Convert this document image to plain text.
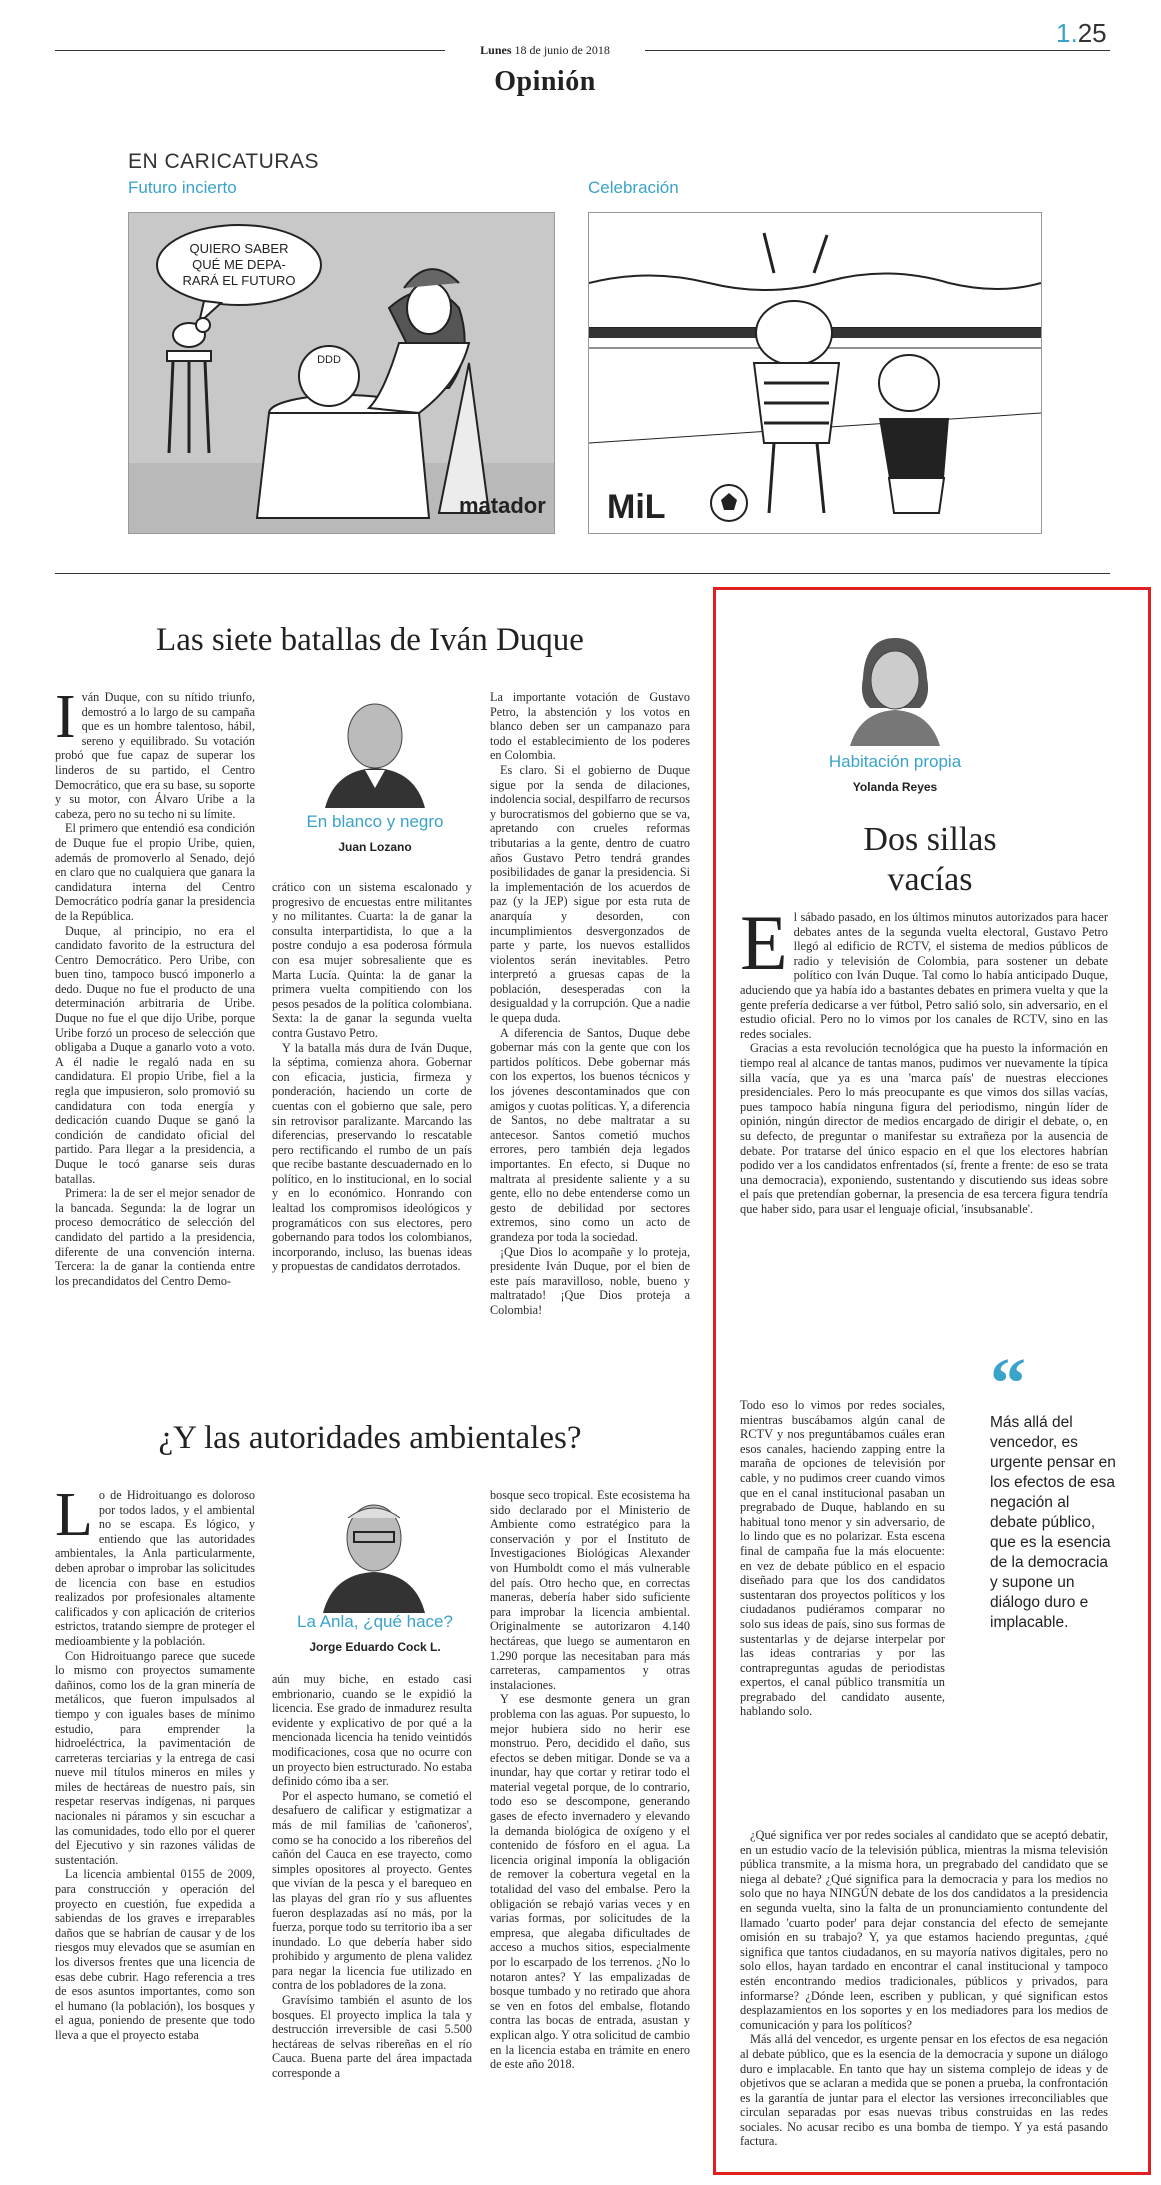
1.25
Lunes 18 de junio de 2018
Opinión
EN CARICATURAS
Futuro incierto	Celebración
QUIERO SABER
QUÉ ME DEPA-
RARÁ EL FUTURO
DDD
matador MiL
Las siete batallas de Iván Duque

Iván Duque, con su nítido triunfo, demostró a lo largo de su campaña que es un hombre talentoso, hábil, sereno y equilibrado. Su votación probó que fue capaz de superar los linderos de su partido, el Centro Democrático, que era su base, su soporte y su motor, con Álvaro Uribe a la cabeza, pero no su techo ni su límite.

El primero que entendió esa condición de Duque fue el propio Uribe, quien, además de promoverlo al Senado, dejó en claro que no cualquiera que ganara la candidatura interna del Centro Democrático podría ganar la presidencia de la República.

Duque, al principio, no era el candidato favorito de la estructura del Centro Democrático. Pero Uribe, con buen tino, tampoco buscó imponerlo a dedo. Duque no fue el producto de una determinación arbitraria de Uribe. Duque no fue el que dijo Uribe, porque Uribe forzó un proceso de selección que obligaba a Duque a ganarlo voto a voto. A él nadie le regaló nada en su candidatura. El propio Uribe, fiel a la regla que impusieron, solo promovió su candidatura con toda energía y dedicación cuando Duque se ganó la condición de candidato oficial del partido. Para llegar a la presidencia, a Duque le tocó ganarse seis duras batallas.

Primera: la de ser el mejor senador de la bancada. Segunda: la de lograr un proceso democrático de selección del candidato del partido a la presidencia, diferente de una convención interna. Tercera: la de ganar la contienda entre los precandidatos del Centro Demo-

En blanco y negro
Juan Lozano

crático con un sistema escalonado y progresivo de encuestas entre militantes y no militantes. Cuarta: la de ganar la consulta interpartidista, lo que a la postre condujo a esa poderosa fórmula con esa mujer sobresaliente que es Marta Lucía. Quinta: la de ganar la primera vuelta compitiendo con los pesos pesados de la política colombiana. Sexta: la de ganar la segunda vuelta contra Gustavo Petro.

Y la batalla más dura de Iván Duque, la séptima, comienza ahora. Gobernar con eficacia, justicia, firmeza y ponderación, haciendo un corte de cuentas con el gobierno que sale, pero sin retrovisor paralizante. Marcando las diferencias, preservando lo rescatable pero rectificando el rumbo de un país que recibe bastante descuadernado en lo político, en lo institucional, en lo social y en lo económico. Honrando con lealtad los compromisos ideológicos y programáticos con sus electores, pero gobernando para todos los colombianos, incorporando, incluso, las buenas ideas y propuestas de candidatos derrotados.

La importante votación de Gustavo Petro, la abstención y los votos en blanco deben ser un campanazo para todo el establecimiento de los poderes en Colombia.

Es claro. Si el gobierno de Duque sigue por la senda de dilaciones, indolencia social, despilfarro de recursos y burocratismos del gobierno que se va, apretando con crueles reformas tributarias a la gente, dentro de cuatro años Gustavo Petro tendrá grandes posibilidades de ganar la presidencia. Si la implementación de los acuerdos de paz (y la JEP) sigue por esta ruta de anarquía y desorden, con incumplimientos desvergonzados de parte y parte, los nuevos estallidos violentos serán inevitables. Petro interpretó a gruesas capas de la población, desesperadas con la desigualdad y la corrupción. Que a nadie le quepa duda.

A diferencia de Santos, Duque debe gobernar más con la gente que con los partidos políticos. Debe gobernar más con los expertos, los buenos técnicos y los jóvenes descontaminados que con amigos y cuotas políticas. Y, a diferencia de Santos, no debe maltratar a su antecesor. Santos cometió muchos errores, pero también deja legados importantes. En efecto, si Duque no maltrata al presidente saliente y a su gente, ello no debe entenderse como un gesto de debilidad por sectores extremos, sino como un acto de grandeza por toda la sociedad.

¡Que Dios lo acompañe y lo proteja, presidente Iván Duque, por el bien de este país maravilloso, noble, bueno y maltratado! ¡Que Dios proteja a Colombia!

¿Y las autoridades ambientales?

Lo de Hidroituango es doloroso por todos lados, y el ambiental no se escapa. Es lógico, y entiendo que las autoridades ambientales, la Anla particularmente, deben aprobar o improbar las solicitudes de licencia con base en estudios realizados por profesionales altamente calificados y con aplicación de criterios estrictos, tratando siempre de proteger el medioambiente y la población.

Con Hidroituango parece que sucede lo mismo con proyectos sumamente dañinos, como los de la gran minería de metálicos, que fueron impulsados al tiempo y con iguales bases de mínimo estudio, para emprender la hidroeléctrica, la pavimentación de carreteras terciarias y la entrega de casi nueve mil títulos mineros en miles y miles de hectáreas de nuestro país, sin respetar reservas indígenas, ni parques nacionales ni páramos y sin escuchar a las comunidades, todo ello por el querer del Ejecutivo y sin razones válidas de sustentación.

La licencia ambiental 0155 de 2009, para construcción y operación del proyecto en cuestión, fue expedida a sabiendas de los graves e irreparables daños que se habrían de causar y de los riesgos muy elevados que se asumían en los diversos frentes que una licencia de esas debe cubrir. Hago referencia a tres de esos asuntos importantes, como son el humano (la población), los bosques y el agua, poniendo de presente que todo lleva a que el proyecto estaba

La Anla, ¿qué hace?
Jorge Eduardo Cock L.

aún muy biche, en estado casi embrionario, cuando se le expidió la licencia. Ese grado de inmadurez resulta evidente y explicativo de por qué a la mencionada licencia ha tenido veintidós modificaciones, cosa que no ocurre con un proyecto bien estructurado. No estaba definido cómo iba a ser.

Por el aspecto humano, se cometió el desafuero de calificar y estigmatizar a más de mil familias de 'cañoneros', como se ha conocido a los ribereños del cañón del Cauca en ese trayecto, como simples opositores al proyecto. Gentes que vivían de la pesca y el barequeo en las playas del gran río y sus afluentes fueron desplazadas así no más, por la fuerza, porque todo su territorio iba a ser inundado. Lo que debería haber sido prohibido y argumento de plena validez para negar la licencia fue utilizado en contra de los pobladores de la zona.

Gravísimo también el asunto de los bosques. El proyecto implica la tala y destrucción irreversible de casi 5.500 hectáreas de selvas ribereñas en el río Cauca. Buena parte del área impactada corresponde a

bosque seco tropical. Este ecosistema ha sido declarado por el Ministerio de Ambiente como estratégico para la conservación y por el Instituto de Investigaciones Biológicas Alexander von Humboldt como el más vulnerable del país. Otro hecho que, en correctas maneras, debería haber sido suficiente para improbar la licencia ambiental. Originalmente se autorizaron 4.140 hectáreas, que luego se aumentaron en 1.290 porque las necesitaban para más carreteras, campamentos y otras instalaciones.

Y ese desmonte genera un gran problema con las aguas. Por supuesto, lo mejor hubiera sido no herir ese monstruo. Pero, decidido el daño, sus efectos se deben mitigar. Donde se va a inundar, hay que cortar y retirar todo el material vegetal porque, de lo contrario, todo eso se descompone, generando gases de efecto invernadero y elevando la demanda biológica de oxígeno y el contenido de fósforo en el agua. La licencia original imponía la obligación de remover la cobertura vegetal en la totalidad del vaso del embalse. Pero la obligación se rebajó varias veces y en varias formas, por solicitudes de la empresa, que alegaba dificultades de acceso a muchos sitios, especialmente por lo escarpado de los terrenos. ¿No lo notaron antes? Y las empalizadas de bosque tumbado y no retirado que ahora se ven en fotos del embalse, flotando contra las bocas de entrada, asustan y explican algo. Y otra solicitud de cambio en la licencia estaba en trámite en enero de este año 2018.

Habitación propia
Yolanda Reyes
Dos sillas
vacías

El sábado pasado, en los últimos minutos autorizados para hacer debates antes de la segunda vuelta electoral, Gustavo Petro llegó al edificio de RCTV, el sistema de medios públicos de radio y televisión de Colombia, para sostener un debate político con Iván Duque. Tal como lo había anticipado Duque, aduciendo que ya había ido a bastantes debates en primera vuelta y que la gente prefería dedicarse a ver fútbol, Petro salió solo, sin adversario, en el estudio oficial. Pero no lo vimos por los canales de RCTV, sino en las redes sociales.

Gracias a esta revolución tecnológica que ha puesto la información en tiempo real al alcance de tantas manos, pudimos ver nuevamente la típica silla vacía, que ya es una 'marca país' de nuestras elecciones presidenciales. Pero lo más preocupante es que vimos dos sillas vacías, pues tampoco había ninguna figura del periodismo, ningún líder de opinión, ningún director de medios encargado de dirigir el debate, o, en su defecto, de preguntar o manifestar su extrañeza por la ausencia de debate. Por tratarse del único espacio en el que los electores habrían podido ver a los candidatos enfrentados (sí, frente a frente: de eso se trata una democracia), exponiendo, sustentando y discutiendo sus ideas sobre el país que pretendían gobernar, la presencia de esa tercera figura tendría que haber sido, para usar el lenguaje oficial, 'insubsanable'.

Todo eso lo vimos por redes sociales, mientras buscábamos algún canal de RCTV y nos preguntábamos cuáles eran esos canales, haciendo zapping entre la maraña de opciones de televisión por cable, y no pudimos creer cuando vimos que en el canal institucional pasaban un pregrabado de Duque, hablando en su habitual tono menor y sin adversario, de lo lindo que es no polarizar. Esta escena final de campaña fue la más elocuente: en vez de debate público en el espacio diseñado para que los dos candidatos sustentaran dos proyectos políticos y los ciudadanos pudiéramos comparar no solo sus ideas de país, sino sus formas de sustentarlas y de dejarse interpelar por las ideas contrarias y por las contrapreguntas agudas de periodistas expertos, el canal público transmitía un pregrabado del candidato ausente, hablando solo.

“
Más allá del vencedor, es urgente pensar en los efectos de esa negación al debate público, que es la esencia de la democracia y supone un diálogo duro e implacable.

¿Qué significa ver por redes sociales al candidato que se aceptó debatir, en un estudio vacío de la televisión pública, mientras la misma televisión pública transmite, a la misma hora, un pregrabado del candidato que se niega al debate? ¿Qué significa para la democracia y para los medios no solo que no haya NINGÚN debate de los dos candidatos a la presidencia en segunda vuelta, sino la falta de un pronunciamiento contundente del llamado 'cuarto poder' para dejar constancia del efecto de semejante omisión en su trabajo? Y, ya que estamos haciendo preguntas, ¿qué significa que tantos ciudadanos, en su mayoría nativos digitales, pero no solo ellos, hayan tardado en encontrar el canal institucional y tampoco estén encontrando medios tradicionales, públicos y privados, para informarse? ¿Dónde leen, escriben y publican, y qué significan estos desplazamientos en los soportes y en los mediadores para los medios de comunicación y para los políticos?

Más allá del vencedor, es urgente pensar en los efectos de esa negación al debate público, que es la esencia de la democracia y supone un diálogo duro e implacable. En tanto que hay un sistema complejo de ideas y de objetivos que se aclaran a medida que se ponen a prueba, la confrontación es la garantía de juntar para el elector las versiones irreconciliables que circulan separadas por esas nuevas tribus construidas en las redes sociales. No acusar recibo es una bomba de tiempo. Y ya está pasando factura.
